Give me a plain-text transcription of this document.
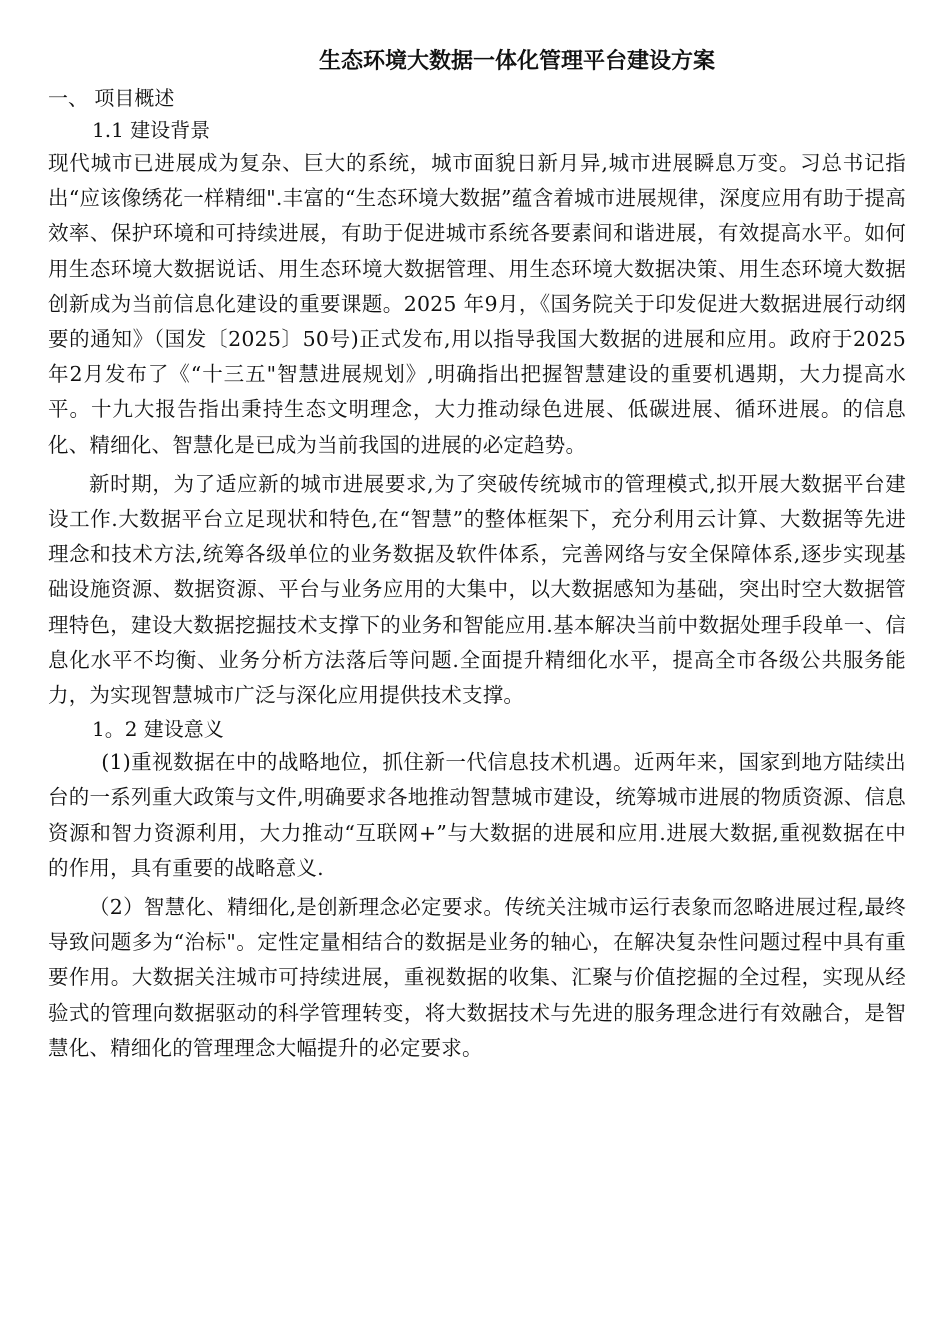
生态环境大数据一体化管理平台建设方案
一、 项目概述
1.1 建设背景

现代城市已进展成为复杂、巨大的系统，城市面貌日新月异,城市进展瞬息万变。习总书记指出“应该像绣花一样精细".丰富的“生态环境大数据”蕴含着城市进展规律，深度应用有助于提高效率、保护环境和可持续进展，有助于促进城市系统各要素间和谐进展，有效提高水平。如何用生态环境大数据说话、用生态环境大数据管理、用生态环境大数据决策、用生态环境大数据创新成为当前信息化建设的重要课题。2025 年9月，《国务院关于印发促进大数据进展行动纲要的通知》（国发〔2025〕50号)正式发布,用以指导我国大数据的进展和应用。政府于2025年2月发布了《“十三五"智慧进展规划》,明确指出把握智慧建设的重要机遇期，大力提高水平。十九大报告指出秉持生态文明理念，大力推动绿色进展、低碳进展、循环进展。的信息化、精细化、智慧化是已成为当前我国的进展的必定趋势。

新时期，为了适应新的城市进展要求,为了突破传统城市的管理模式,拟开展大数据平台建设工作.大数据平台立足现状和特色,在“智慧”的整体框架下，充分利用云计算、大数据等先进理念和技术方法,统筹各级单位的业务数据及软件体系，完善网络与安全保障体系,逐步实现基础设施资源、数据资源、平台与业务应用的大集中，以大数据感知为基础，突出时空大数据管理特色，建设大数据挖掘技术支撑下的业务和智能应用.基本解决当前中数据处理手段单一、信息化水平不均衡、业务分析方法落后等问题.全面提升精细化水平，提高全市各级公共服务能力，为实现智慧城市广泛与深化应用提供技术支撑。

1。2 建设意义

(1)重视数据在中的战略地位，抓住新一代信息技术机遇。近两年来，国家到地方陆续出台的一系列重大政策与文件,明确要求各地推动智慧城市建设，统筹城市进展的物质资源、信息资源和智力资源利用，大力推动“互联网+”与大数据的进展和应用.进展大数据,重视数据在中的作用，具有重要的战略意义.

（2）智慧化、精细化,是创新理念必定要求。传统关注城市运行表象而忽略进展过程,最终导致问题多为“治标"。定性定量相结合的数据是业务的轴心，在解决复杂性问题过程中具有重要作用。大数据关注城市可持续进展，重视数据的收集、汇聚与价值挖掘的全过程，实现从经验式的管理向数据驱动的科学管理转变，将大数据技术与先进的服务理念进行有效融合，是智慧化、精细化的管理理念大幅提升的必定要求。
